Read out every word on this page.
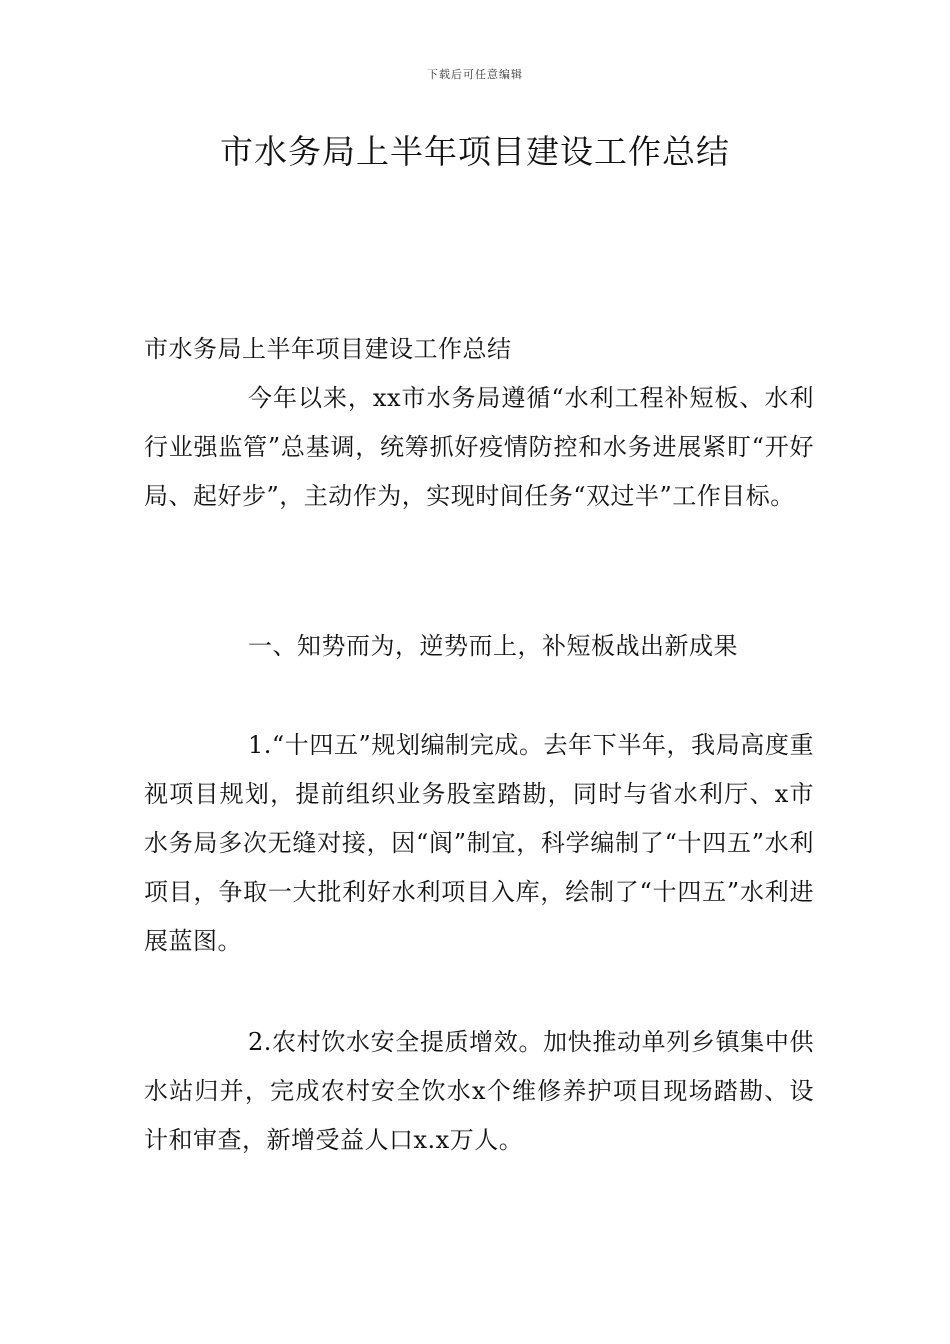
下载后可任意编辑
市水务局上半年项目建设工作总结

市水务局上半年项目建设工作总结

今年以来，xx市水务局遵循“水利工程补短板、水利行业强监管”总基调，统筹抓好疫情防控和水务进展紧盯“开好局、起好步”，主动作为，实现时间任务“双过半”工作目标。

一、知势而为，逆势而上，补短板战出新成果

1.“十四五”规划编制完成。去年下半年，我局高度重视项目规划，提前组织业务股室踏勘，同时与省水利厅、x市水务局多次无缝对接，因“阆”制宜，科学编制了“十四五”水利项目，争取一大批利好水利项目入库，绘制了“十四五”水利进展蓝图。

2.农村饮水安全提质增效。加快推动单列乡镇集中供水站归并，完成农村安全饮水x个维修养护项目现场踏勘、设计和审查，新增受益人口x.x万人。
